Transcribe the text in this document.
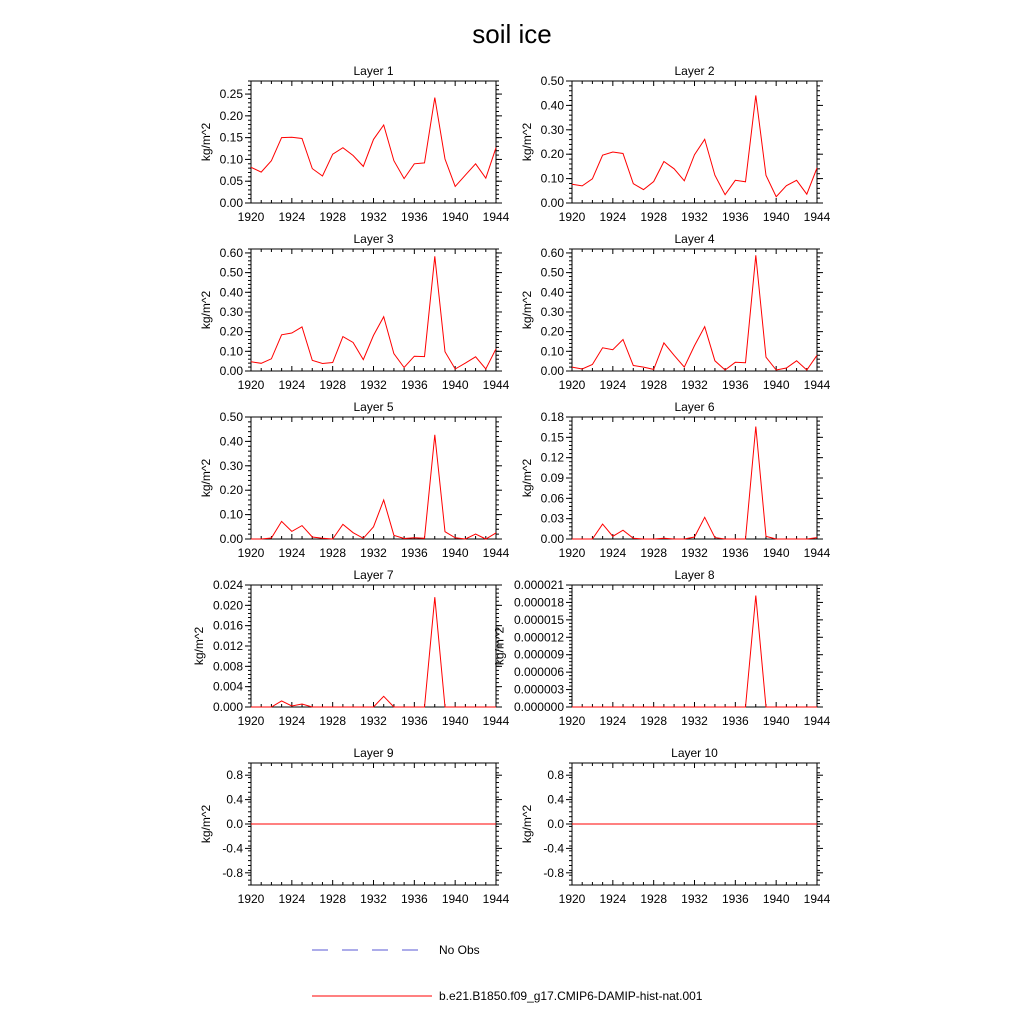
soil ice
Layer 1
1920 1924 1928 1932 1936 1940 1944
0.00
0.05
0.10
0.15
0.20
0.25
kg/m^2
Layer 2
1920 1924 1928 1932 1936 1940 1944
0.00
0.10
0.20
0.30
0.40
0.50
kg/m^2
Layer 3
1920 1924 1928 1932 1936 1940 1944
0.00
0.10
0.20
0.30
0.40
0.50
0.60
kg/m^2
Layer 4
1920 1924 1928 1932 1936 1940 1944
0.00
0.10
0.20
0.30
0.40
0.50
0.60
kg/m^2
Layer 5
1920 1924 1928 1932 1936 1940 1944
0.00
0.10
0.20
0.30
0.40
0.50
kg/m^2
Layer 6
1920 1924 1928 1932 1936 1940 1944
0.00
0.03
0.06
0.09
0.12
0.15
0.18
kg/m^2
Layer 7
1920 1924 1928 1932 1936 1940 1944
0.000
0.004
0.008
0.012
0.016
0.020
0.024
kg/m^2
Layer 8
1920 1924 1928 1932 1936 1940 1944
0.000000
0.000003
0.000006
0.000009
0.000012
0.000015
0.000018
0.000021
kg/m^2
Layer 9
1920 1924 1928 1932 1936 1940 1944
-0.8
-0.4
0.0
0.4
0.8
kg/m^2
Layer 10
1920 1924 1928 1932 1936 1940 1944
-0.8
-0.4
0.0
0.4
0.8
kg/m^2
No Obs
b.e21.B1850.f09_g17.CMIP6-DAMIP-hist-nat.001
